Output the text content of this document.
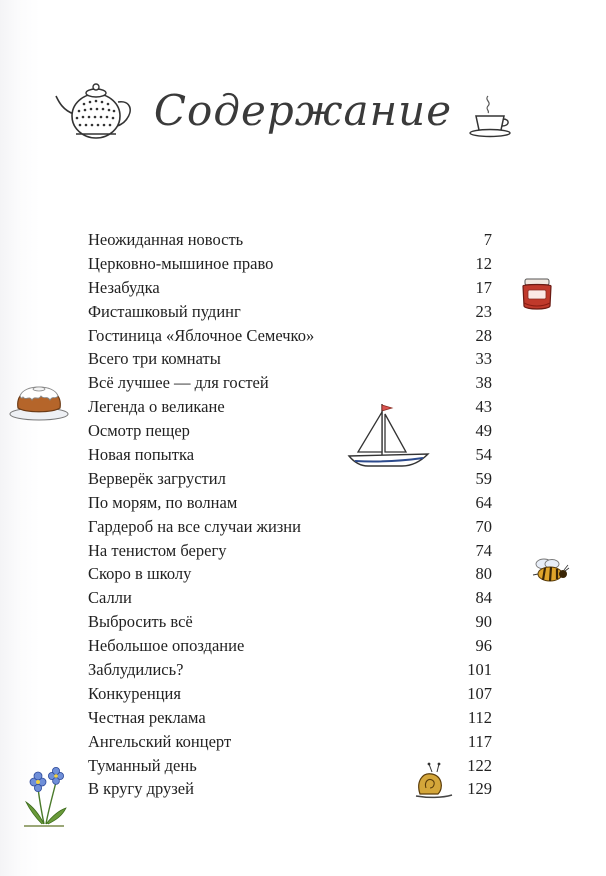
Содержание
Неожиданная новость	7
Церковно-мышиное право	12
Незабудка	17
Фисташковый пудинг	23
Гостиница «Яблочное Семечко»	28
Всего три комнаты	33
Всё лучшее — для гостей	38
Легенда о великане	43
Осмотр пещер	49
Новая попытка	54
Верверёк загрустил	59
По морям, по волнам	64
Гардероб на все случаи жизни	70
На тенистом берегу	74
Скоро в школу	80
Салли	84
Выбросить всё	90
Небольшое опоздание	96
Заблудились?	101
Конкуренция	107
Честная реклама	112
Ангельский концерт	117
Туманный день	122
В кругу друзей	129
